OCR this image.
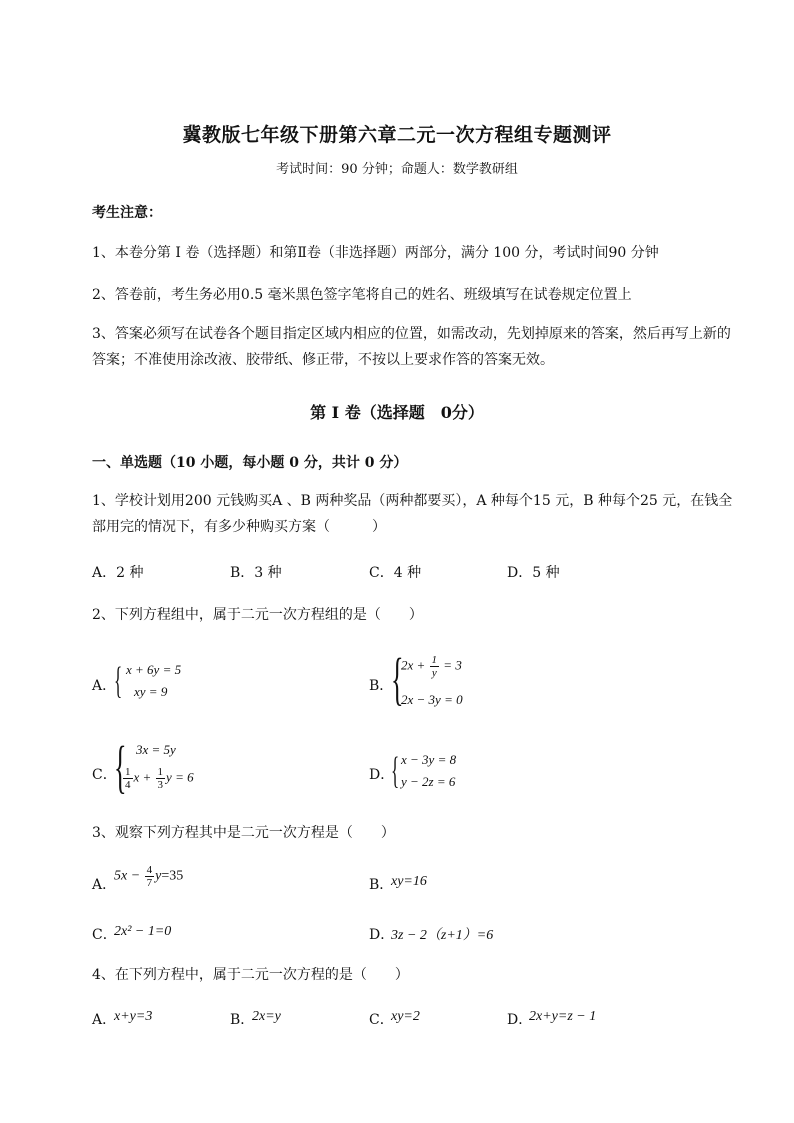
冀教版七年级下册第六章二元一次方程组专题测评
考试时间：90 分钟；命题人：数学教研组
考生注意：
1、本卷分第 I 卷（选择题）和第Ⅱ卷（非选择题）两部分，满分 100 分，考试时间90 分钟
2、答卷前，考生务必用0.5 毫米黑色签字笔将自己的姓名、班级填写在试卷规定位置上
3、答案必须写在试卷各个题目指定区域内相应的位置，如需改动，先划掉原来的答案，然后再写上新的答案；不准使用涂改液、胶带纸、修正带，不按以上要求作答的答案无效。
第 I 卷（选择题　0分）
一、单选题（10 小题，每小题 0 分，共计 0 分）
1、学校计划用200 元钱购买A 、B 两种奖品（两种都要买），A 种每个15 元，B 种每个25 元，在钱全部用完的情况下，有多少种购买方案（　　　）
A．2 种	B．3 种	C．4 种	D．5 种
2、下列方程组中，属于二元一次方程组的是（　　）
A．
{ x + 6y = 5
xy = 9	B．
{
$2x + \frac{1}{y} = 3$
2x − 3y = 0
C．
{ 3x = 5y
$\frac{1}{4}$ $x + \frac{1}{3}$ y = 6	D．
{ x − 3y = 8
y − 2z = 6
3、观察下列方程其中是二元一次方程是（　　）
A．
$5x - \frac{4}{7} y=35$
B．
xy=16
C．
2x² − 1=0	D．
3z − 2（z+1）=6
4、在下列方程中，属于二元一次方程的是（　　）
A．
x+y=3	B．
2x=y	C．
xy=2	D．
2x+y=z − 1
